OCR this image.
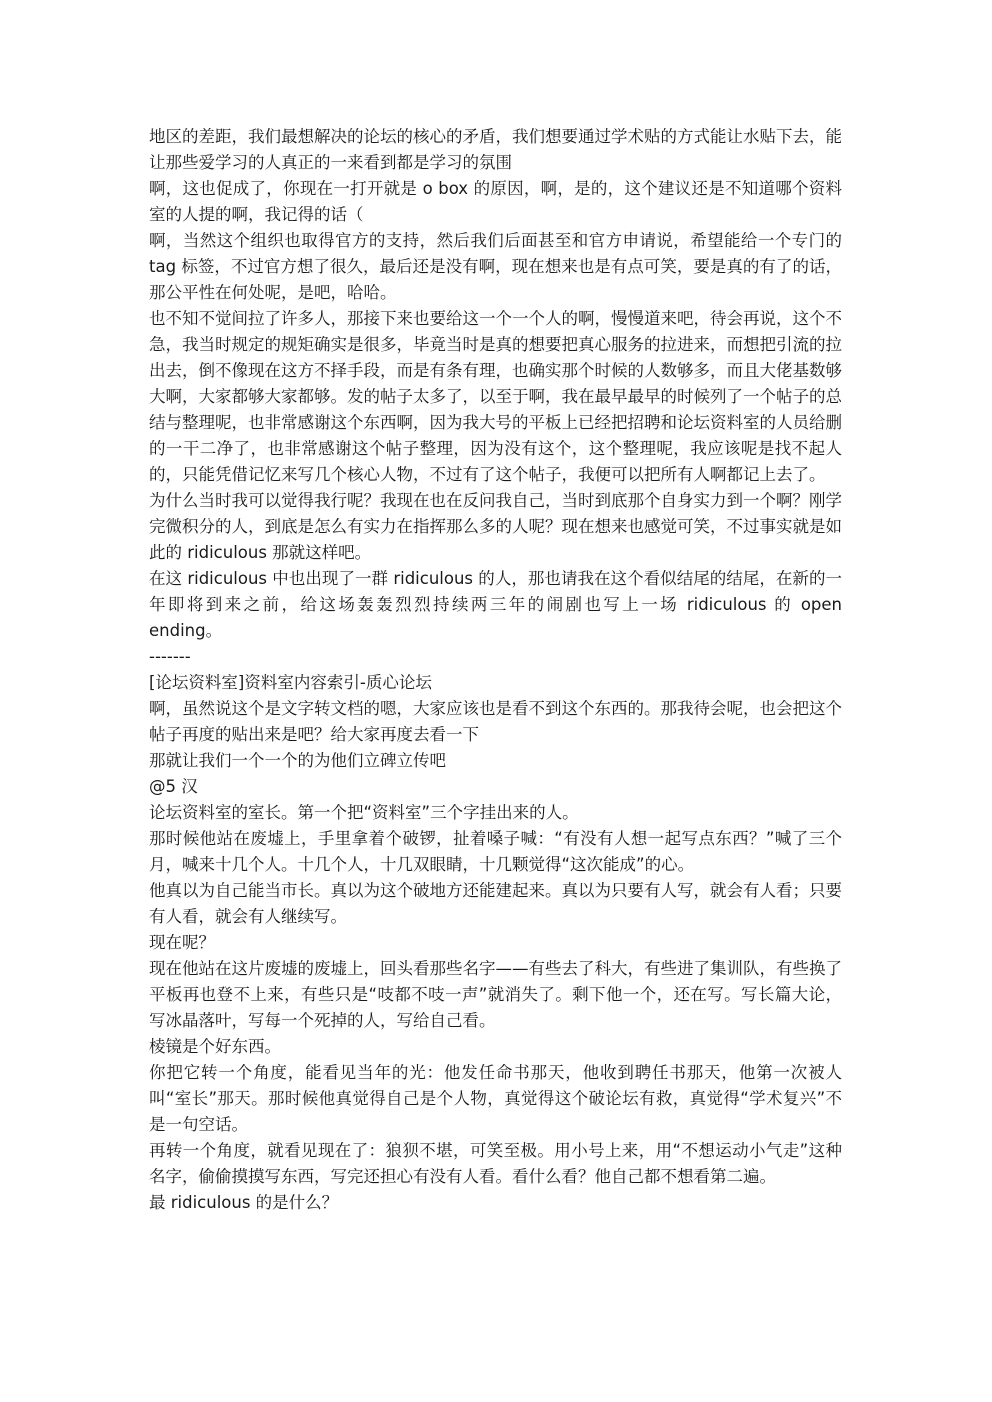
地区的差距，我们最想解决的论坛的核心的矛盾，我们想要通过学术贴的方式能让水贴下去，能让那些爱学习的人真正的一来看到都是学习的氛围

啊，这也促成了，你现在一打开就是 o box 的原因，啊，是的，这个建议还是不知道哪个资料室的人提的啊，我记得的话（

啊，当然这个组织也取得官方的支持，然后我们后面甚至和官方申请说，希望能给一个专门的 tag 标签，不过官方想了很久，最后还是没有啊，现在想来也是有点可笑，要是真的有了的话，那公平性在何处呢，是吧，哈哈。

也不知不觉间拉了许多人，那接下来也要给这一个一个人的啊，慢慢道来吧，待会再说，这个不急，我当时规定的规矩确实是很多，毕竟当时是真的想要把真心服务的拉进来，而想把引流的拉出去，倒不像现在这方不择手段，而是有条有理，也确实那个时候的人数够多，而且大佬基数够大啊，大家都够大家都够。发的帖子太多了，以至于啊，我在最早最早的时候列了一个帖子的总结与整理呢，也非常感谢这个东西啊，因为我大号的平板上已经把招聘和论坛资料室的人员给删的一干二净了，也非常感谢这个帖子整理，因为没有这个，这个整理呢，我应该呢是找不起人的，只能凭借记忆来写几个核心人物，不过有了这个帖子，我便可以把所有人啊都记上去了。

为什么当时我可以觉得我行呢？我现在也在反问我自己，当时到底那个自身实力到一个啊？刚学完微积分的人，到底是怎么有实力在指挥那么多的人呢？现在想来也感觉可笑，不过事实就是如此的 ridiculous 那就这样吧。

在这 ridiculous 中也出现了一群 ridiculous 的人，那也请我在这个看似结尾的结尾，在新的一年即将到来之前，给这场轰轰烈烈持续两三年的闹剧也写上一场 ridiculous 的 open ending。

-------

[论坛资料室]资料室内容索引-质心论坛

啊，虽然说这个是文字转文档的嗯，大家应该也是看不到这个东西的。那我待会呢，也会把这个帖子再度的贴出来是吧？给大家再度去看一下

那就让我们一个一个的为他们立碑立传吧

@5 汉

论坛资料室的室长。第一个把“资料室”三个字挂出来的人。

那时候他站在废墟上，手里拿着个破锣，扯着嗓子喊：“有没有人想一起写点东西？”喊了三个月，喊来十几个人。十几个人，十几双眼睛，十几颗觉得“这次能成”的心。

他真以为自己能当市长。真以为这个破地方还能建起来。真以为只要有人写，就会有人看；只要有人看，就会有人继续写。

现在呢？

现在他站在这片废墟的废墟上，回头看那些名字——有些去了科大，有些进了集训队，有些换了平板再也登不上来，有些只是“吱都不吱一声”就消失了。剩下他一个，还在写。写长篇大论，写冰晶落叶，写每一个死掉的人，写给自己看。

棱镜是个好东西。

你把它转一个角度，能看见当年的光：他发任命书那天，他收到聘任书那天，他第一次被人叫“室长”那天。那时候他真觉得自己是个人物，真觉得这个破论坛有救，真觉得“学术复兴”不是一句空话。

再转一个角度，就看见现在了：狼狈不堪，可笑至极。用小号上来，用“不想运动小气走”这种名字，偷偷摸摸写东西，写完还担心有没有人看。看什么看？他自己都不想看第二遍。

最 ridiculous 的是什么？
